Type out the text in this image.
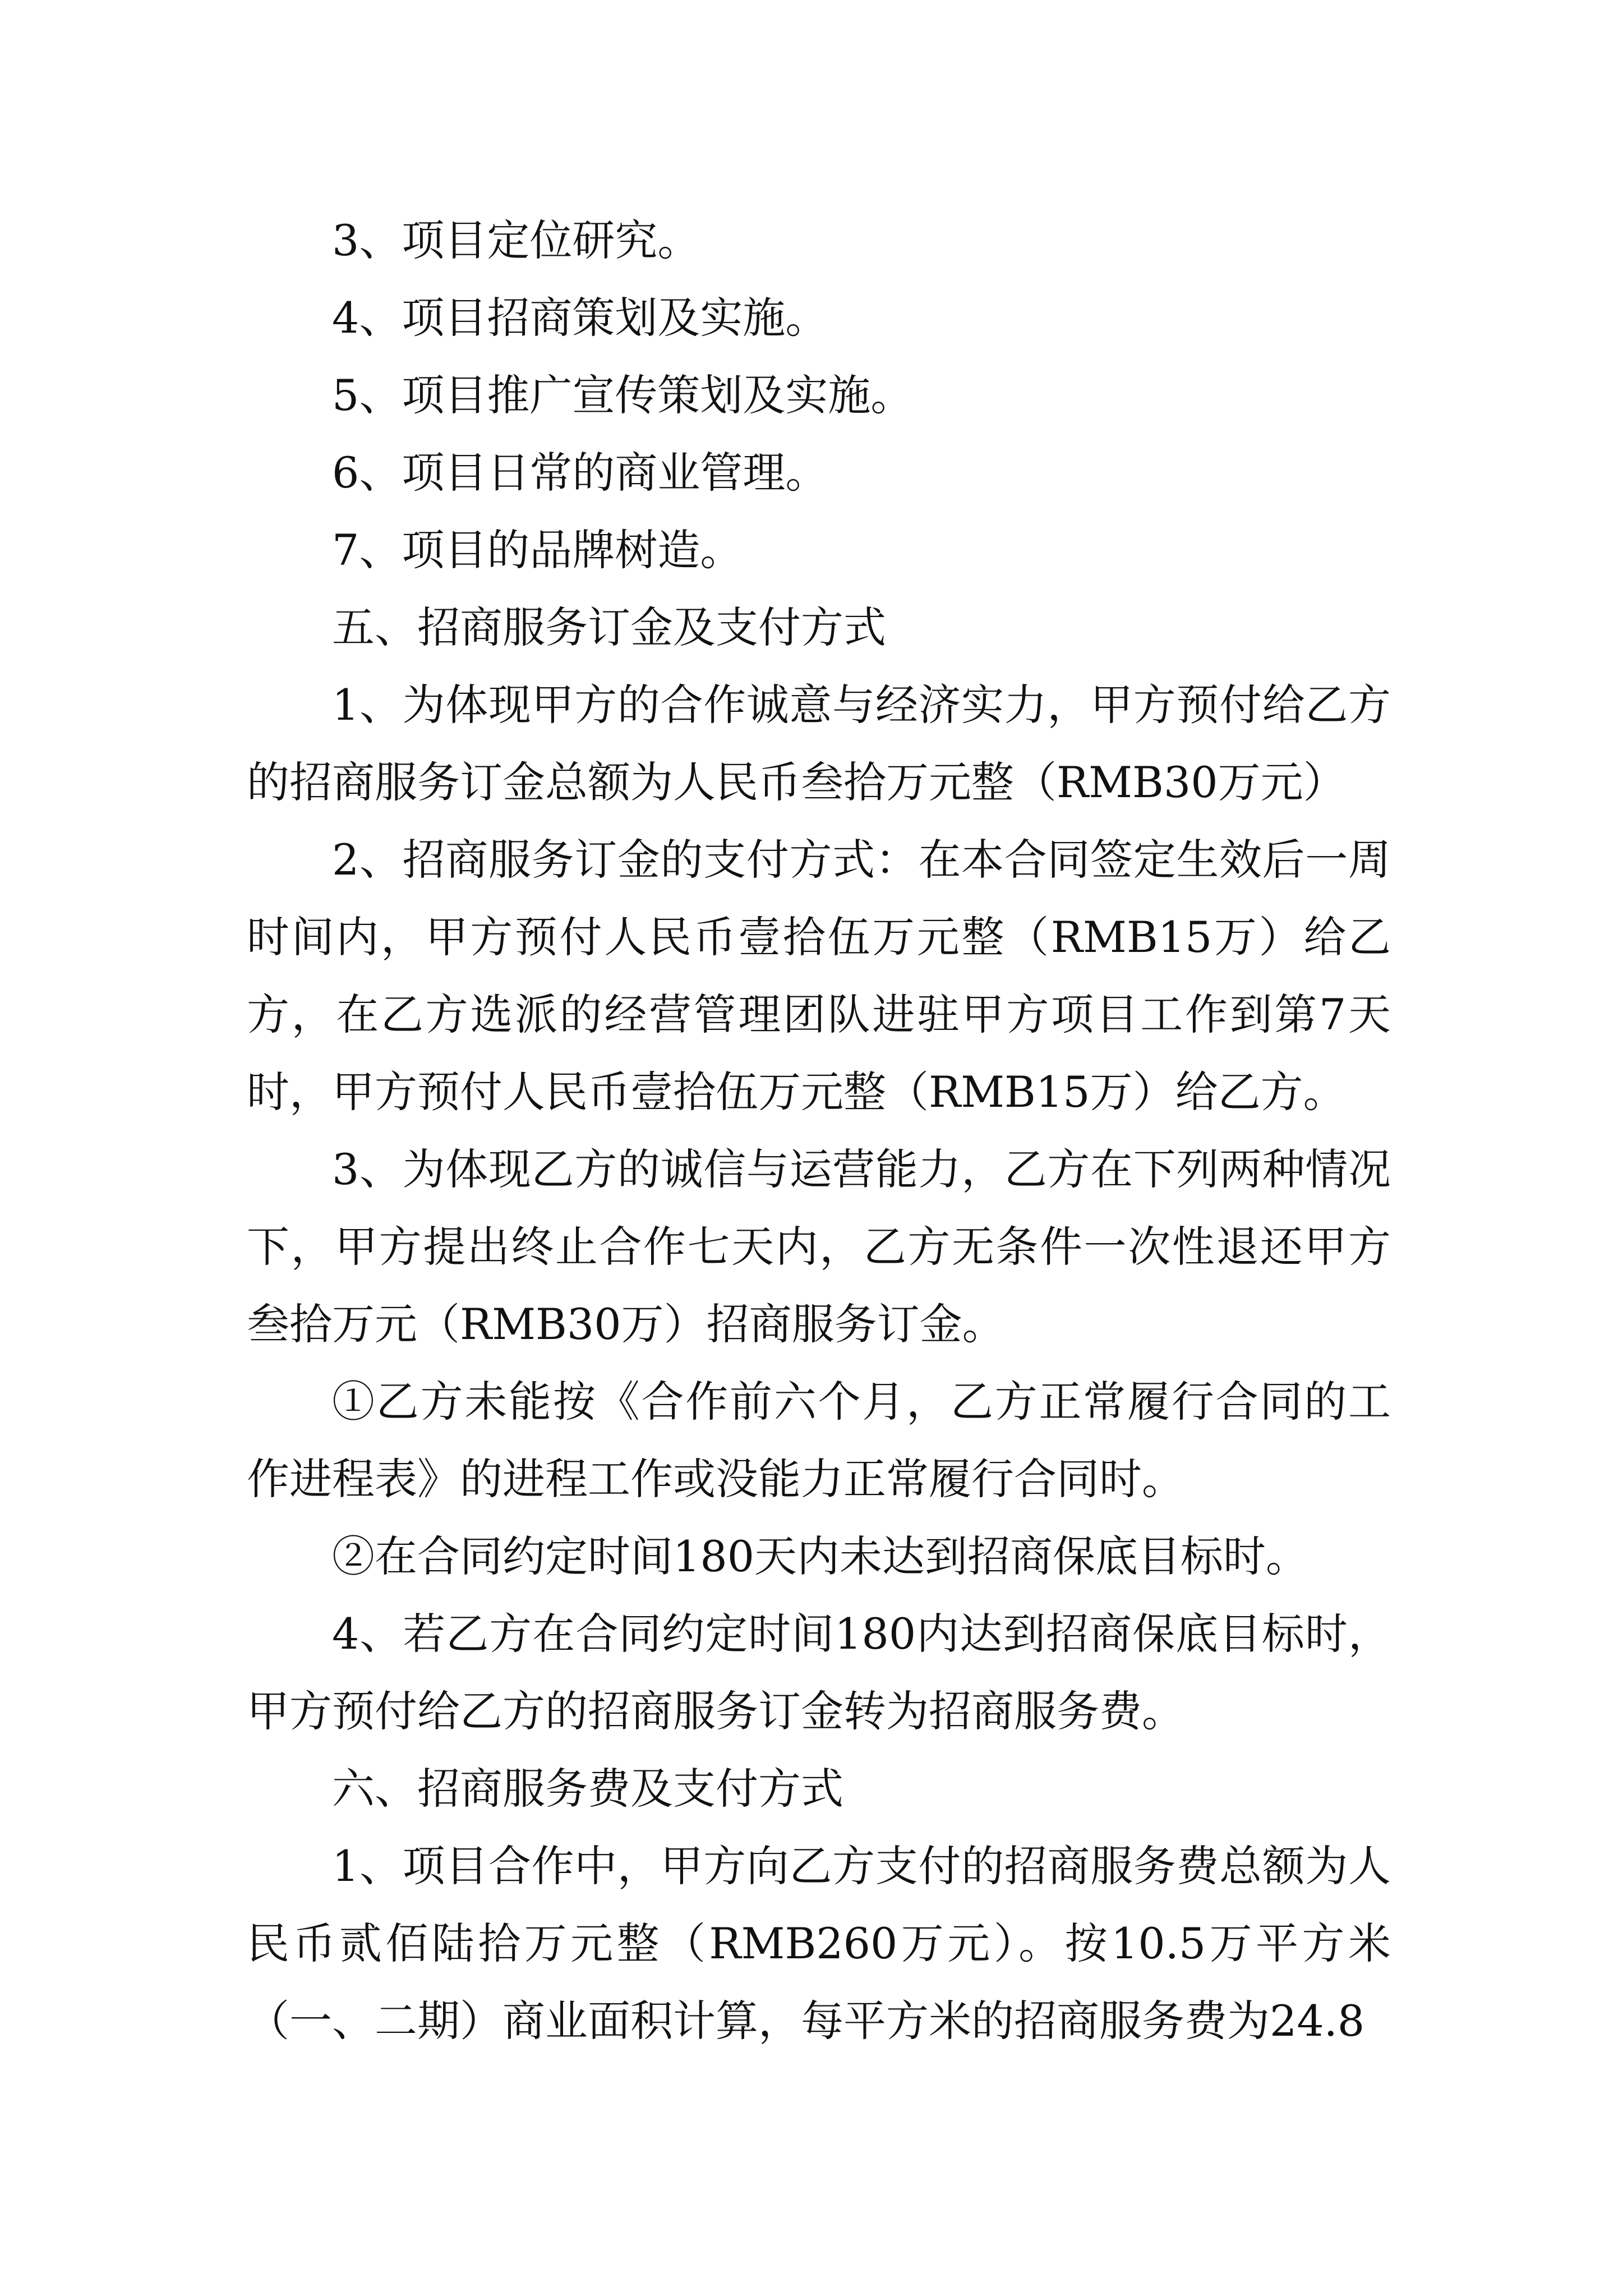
3、项目定位研究。

4、项目招商策划及实施。

5、项目推广宣传策划及实施。

6、项目日常的商业管理。

7、项目的品牌树造。

五、招商服务订金及支付方式

1、为体现甲方的合作诚意与经济实力，甲方预付给乙方的招商服务订金总额为人民币叁拾万元整（RMB30万元）

2、招商服务订金的支付方式：在本合同签定生效后一周时间内，甲方预付人民币壹拾伍万元整（RMB15万）给乙方，在乙方选派的经营管理团队进驻甲方项目工作到第7天时，甲方预付人民币壹拾伍万元整（RMB15万）给乙方。

3、为体现乙方的诚信与运营能力，乙方在下列两种情况下，甲方提出终止合作七天内，乙方无条件一次性退还甲方叁拾万元（RMB30万）招商服务订金。

①乙方未能按《合作前六个月，乙方正常履行合同的工作进程表》的进程工作或没能力正常履行合同时。

②在合同约定时间180天内未达到招商保底目标时。

4、若乙方在合同约定时间180内达到招商保底目标时，甲方预付给乙方的招商服务订金转为招商服务费。

六、招商服务费及支付方式

1、项目合作中，甲方向乙方支付的招商服务费总额为人民币贰佰陆拾万元整（RMB260万元）。按10.5万平方米（一、二期）商业面积计算，每平方米的招商服务费为24.8
